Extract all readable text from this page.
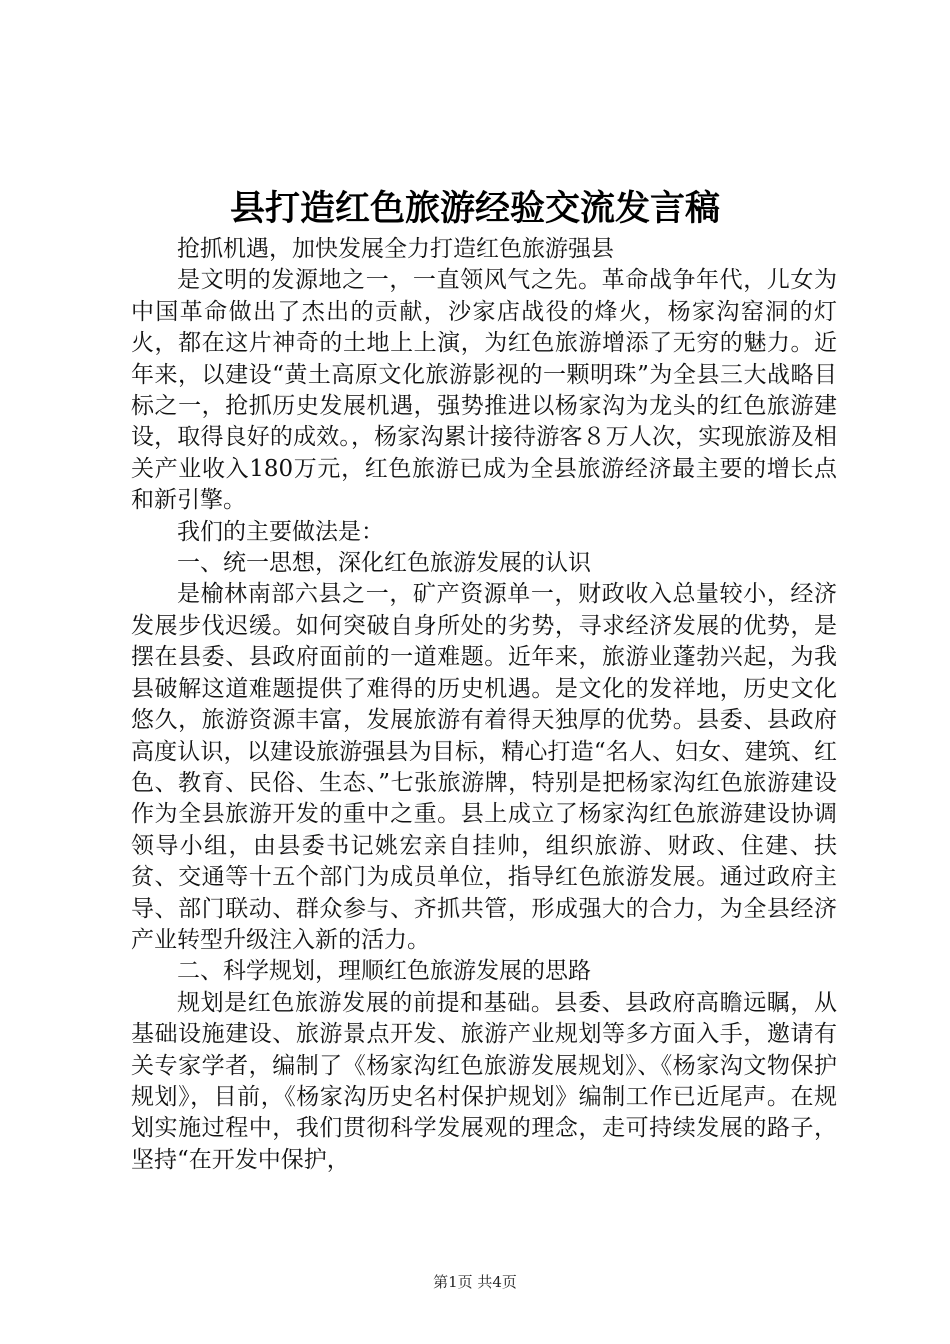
县打造红色旅游经验交流发言稿

抢抓机遇，加快发展全力打造红色旅游强县

是文明的发源地之一，一直领风气之先。革命战争年代，儿女为中国革命做出了杰出的贡献，沙家店战役的烽火，杨家沟窑洞的灯火，都在这片神奇的土地上上演，为红色旅游增添了无穷的魅力。近年来，以建设“黄土高原文化旅游影视的一颗明珠”为全县三大战略目标之一，抢抓历史发展机遇，强势推进以杨家沟为龙头的红色旅游建设，取得良好的成效。，杨家沟累计接待游客８万人次，实现旅游及相关产业收入180万元，红色旅游已成为全县旅游经济最主要的增长点和新引擎。

我们的主要做法是：

一、统一思想，深化红色旅游发展的认识

是榆林南部六县之一，矿产资源单一，财政收入总量较小，经济发展步伐迟缓。如何突破自身所处的劣势，寻求经济发展的优势，是摆在县委、县政府面前的一道难题。近年来，旅游业蓬勃兴起，为我县破解这道难题提供了难得的历史机遇。是文化的发祥地，历史文化悠久，旅游资源丰富，发展旅游有着得天独厚的优势。县委、县政府高度认识，以建设旅游强县为目标，精心打造“名人、妇女、建筑、红色、教育、民俗、生态、”七张旅游牌，特别是把杨家沟红色旅游建设作为全县旅游开发的重中之重。县上成立了杨家沟红色旅游建设协调领导小组，由县委书记姚宏亲自挂帅，组织旅游、财政、住建、扶贫、交通等十五个部门为成员单位，指导红色旅游发展。通过政府主导、部门联动、群众参与、齐抓共管，形成强大的合力，为全县经济产业转型升级注入新的活力。

二、科学规划，理顺红色旅游发展的思路

规划是红色旅游发展的前提和基础。县委、县政府高瞻远瞩，从基础设施建设、旅游景点开发、旅游产业规划等多方面入手，邀请有关专家学者，编制了《杨家沟红色旅游发展规划》、《杨家沟文物保护规划》，目前，《杨家沟历史名村保护规划》编制工作已近尾声。在规划实施过程中，我们贯彻科学发展观的理念，走可持续发展的路子，坚持“在开发中保护，

第1页 共4页
